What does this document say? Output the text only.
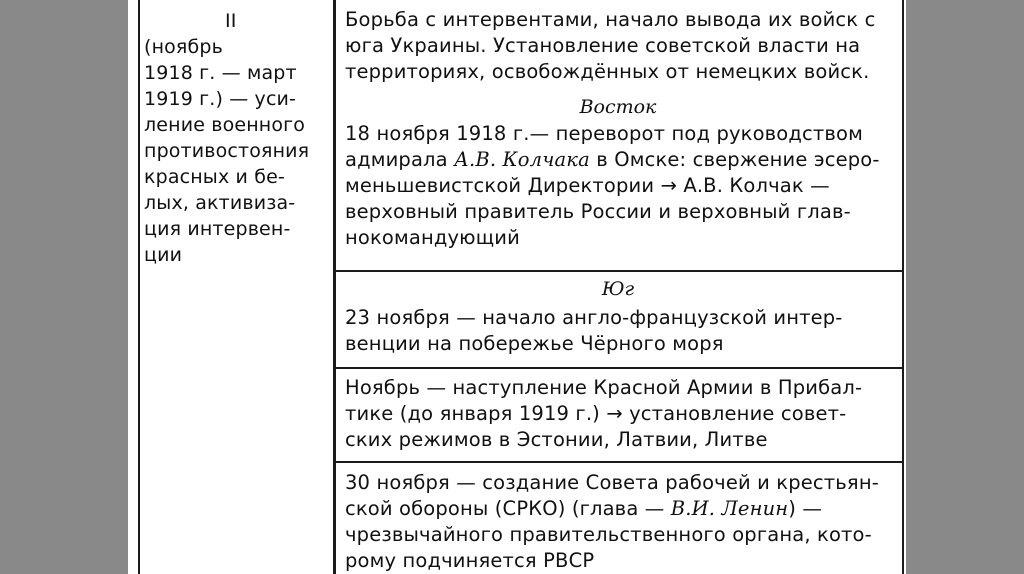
II
(ноябрь
1918 г. — март
1919 г.) — уси-
ление военного
противостояния
красных и бе-
лых, активиза-
ция интервен-
ции
Борьба с интервентами, начало вывода их войск с
юга Украины. Установление советской власти на
территориях, освобождённых от немецких войск.
Восток
18 ноября 1918 г.— переворот под руководством
адмирала А.В. Колчака в Омске: свержение эсеро-
меньшевистской Директории → А.В. Колчак —
верховный правитель России и верховный глав-
нокомандующий
Юг
23 ноября — начало англо-французской интер-
венции на побережье Чёрного моря
Ноябрь — наступление Красной Армии в Прибал-
тике (до января 1919 г.) → установление совет-
ских режимов в Эстонии, Латвии, Литве
30 ноября — создание Совета рабочей и крестьян-
ской обороны (СРКО) (глава — В.И. Ленин) —
чрезвычайного правительственного органа, кото-
рому подчиняется РВСР
